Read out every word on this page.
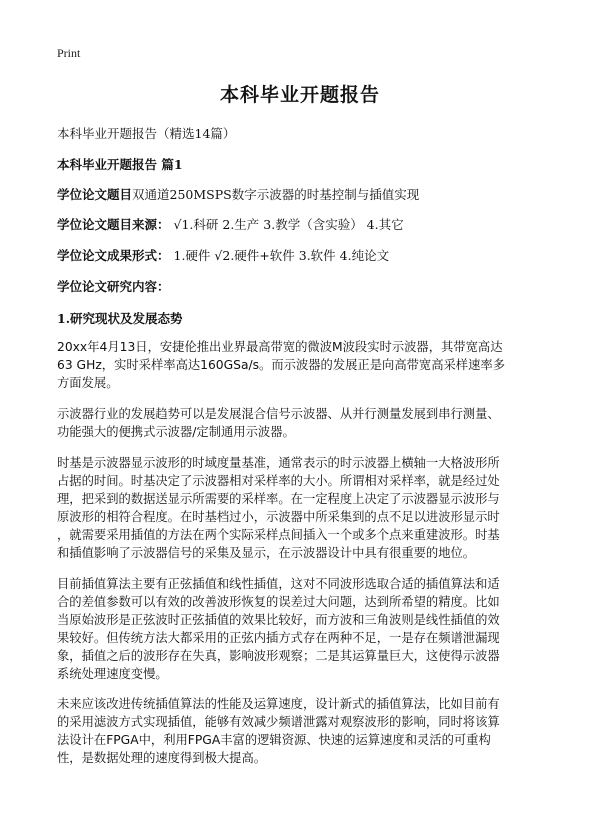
Print
本科毕业开题报告
本科毕业开题报告（精选14篇）
本科毕业开题报告 篇1
学位论文题目双通道250MSPS数字示波器的时基控制与插值实现
学位论文题目来源： √1.科研 2.生产 3.教学（含实验） 4.其它
学位论文成果形式： 1.硬件 √2.硬件+软件 3.软件 4.纯论文
学位论文研究内容：
1.研究现状及发展态势
20xx年4月13日，安捷伦推出业界最高带宽的微波M波段实时示波器，其带宽高达
63 GHz，实时采样率高达160GSa/s。而示波器的发展正是向高带宽高采样速率多
方面发展。
示波器行业的发展趋势可以是发展混合信号示波器、从并行测量发展到串行测量、
功能强大的便携式示波器/定制通用示波器。
时基是示波器显示波形的时域度量基准，通常表示的时示波器上横轴一大格波形所
占据的时间。时基决定了示波器相对采样率的大小。所谓相对采样率，就是经过处
理，把采到的数据送显示所需要的采样率。在一定程度上决定了示波器显示波形与
原波形的相符合程度。在时基档过小，示波器中所采集到的点不足以进波形显示时
，就需要采用插值的方法在两个实际采样点间插入一个或多个点来重建波形。时基
和插值影响了示波器信号的采集及显示，在示波器设计中具有很重要的地位。
目前插值算法主要有正弦插值和线性插值，这对不同波形选取合适的插值算法和适
合的差值参数可以有效的改善波形恢复的误差过大问题，达到所希望的精度。比如
当原始波形是正弦波时正弦插值的效果比较好，而方波和三角波则是线性插值的效
果较好。但传统方法大都采用的正弦内插方式存在两种不足，一是存在频谱泄漏现
象，插值之后的波形存在失真，影响波形观察；二是其运算量巨大，这使得示波器
系统处理速度变慢。
未来应该改进传统插值算法的性能及运算速度，设计新式的插值算法，比如目前有
的采用滤波方式实现插值，能够有效减少频谱泄露对观察波形的影响，同时将该算
法设计在FPGA中，利用FPGA丰富的逻辑资源、快速的运算速度和灵活的可重构
性，是数据处理的速度得到极大提高。
